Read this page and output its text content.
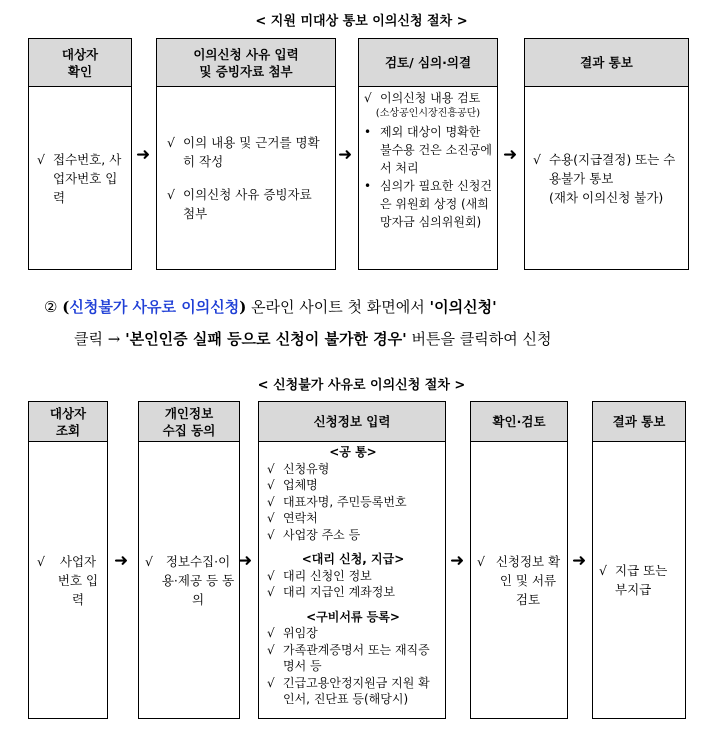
< 지원 미대상 통보 이의신청 절차 >
대상자
확인
√ 접수번호, 사업자번호 입력
➜
이의신청 사유 입력
및 증빙자료 첨부
√ 이의 내용 및 근거를 명확히 작성
√ 이의신청 사유 증빙자료 첨부
➜
검토/ 심의·의결
√ 이의신청 내용 검토
(소상공인시장진흥공단)
• 제외 대상이 명확한 불수용 건은 소진공에서 처리
• 심의가 필요한 신청건은 위원회 상정 (새희망자금 심의위원회)
➜
결과 통보
√ 수용(지급결정) 또는 수용불가 통보
(재차 이의신청 불가)
② (신청불가 사유로 이의신청) 온라인 사이트 첫 화면에서 '이의신청'
클릭 → '본인인증 실패 등으로 신청이 불가한 경우' 버튼을 클릭하여 신청
< 신청불가 사유로 이의신청 절차 >
대상자
조회
√	사업자 번호 입력
➜
개인정보
수집 동의
√	정보수집·이용·제공 등 동의
➜
신청정보 입력
<공 통>
√ 신청유형
√ 업체명
√ 대표자명, 주민등록번호
√ 연락처
√ 사업장 주소 등
<대리 신청, 지급>
√ 대리 신청인 정보
√ 대리 지급인 계좌정보
<구비서류 등록>
√ 위임장
√ 가족관계증명서 또는 재직증명서 등
√ 긴급고용안정지원금 지원 확인서, 진단표 등(해당시)
➜
확인·검토
√ 신청정보 확인 및 서류 검토
➜
결과 통보
√ 지급 또는 부지급
